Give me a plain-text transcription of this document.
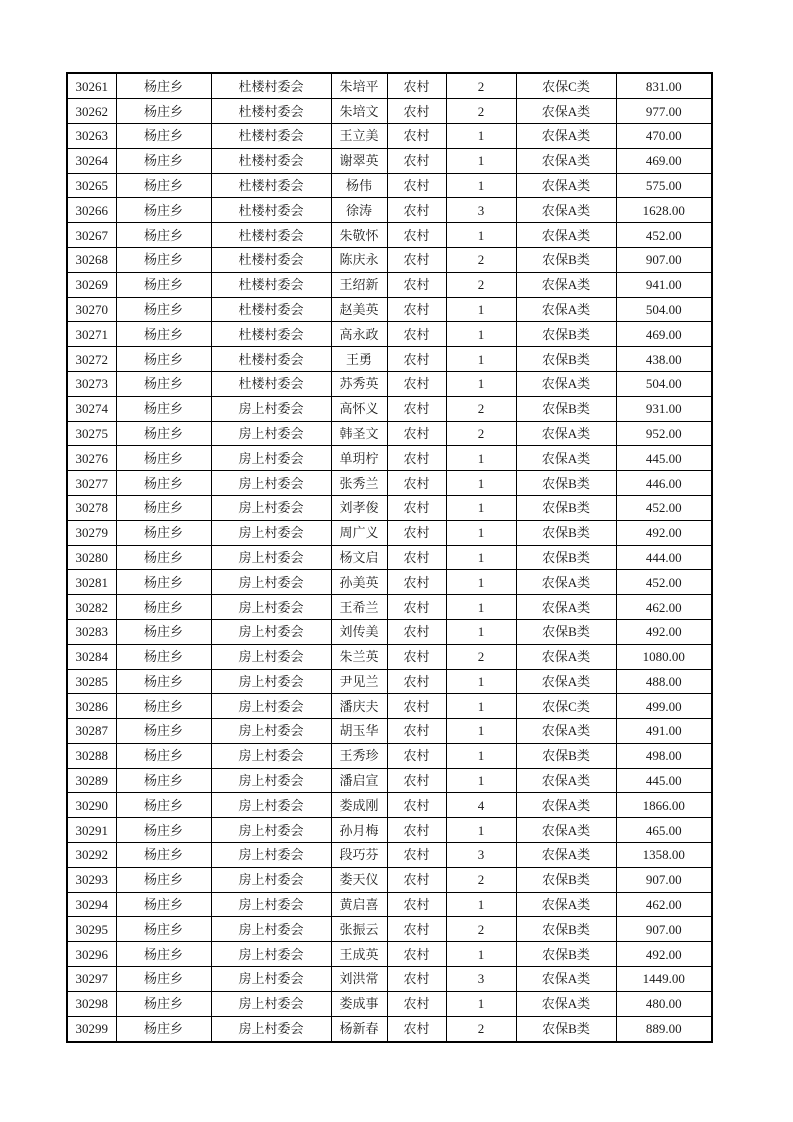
30261	杨庄乡	杜楼村委会	朱培平	农村	2	农保C类	831.00
30262	杨庄乡	杜楼村委会	朱培文	农村	2	农保A类	977.00
30263	杨庄乡	杜楼村委会	王立美	农村	1	农保A类	470.00
30264	杨庄乡	杜楼村委会	谢翠英	农村	1	农保A类	469.00
30265	杨庄乡	杜楼村委会	杨伟	农村	1	农保A类	575.00
30266	杨庄乡	杜楼村委会	徐涛	农村	3	农保A类	1628.00
30267	杨庄乡	杜楼村委会	朱敬怀	农村	1	农保A类	452.00
30268	杨庄乡	杜楼村委会	陈庆永	农村	2	农保B类	907.00
30269	杨庄乡	杜楼村委会	王绍新	农村	2	农保A类	941.00
30270	杨庄乡	杜楼村委会	赵美英	农村	1	农保A类	504.00
30271	杨庄乡	杜楼村委会	高永政	农村	1	农保B类	469.00
30272	杨庄乡	杜楼村委会	王勇	农村	1	农保B类	438.00
30273	杨庄乡	杜楼村委会	苏秀英	农村	1	农保A类	504.00
30274	杨庄乡	房上村委会	高怀义	农村	2	农保B类	931.00
30275	杨庄乡	房上村委会	韩圣文	农村	2	农保A类	952.00
30276	杨庄乡	房上村委会	单玥柠	农村	1	农保A类	445.00
30277	杨庄乡	房上村委会	张秀兰	农村	1	农保B类	446.00
30278	杨庄乡	房上村委会	刘孝俊	农村	1	农保B类	452.00
30279	杨庄乡	房上村委会	周广义	农村	1	农保B类	492.00
30280	杨庄乡	房上村委会	杨文启	农村	1	农保B类	444.00
30281	杨庄乡	房上村委会	孙美英	农村	1	农保A类	452.00
30282	杨庄乡	房上村委会	王希兰	农村	1	农保A类	462.00
30283	杨庄乡	房上村委会	刘传美	农村	1	农保B类	492.00
30284	杨庄乡	房上村委会	朱兰英	农村	2	农保A类	1080.00
30285	杨庄乡	房上村委会	尹见兰	农村	1	农保A类	488.00
30286	杨庄乡	房上村委会	潘庆夫	农村	1	农保C类	499.00
30287	杨庄乡	房上村委会	胡玉华	农村	1	农保A类	491.00
30288	杨庄乡	房上村委会	王秀珍	农村	1	农保B类	498.00
30289	杨庄乡	房上村委会	潘启宣	农村	1	农保A类	445.00
30290	杨庄乡	房上村委会	娄成刚	农村	4	农保A类	1866.00
30291	杨庄乡	房上村委会	孙月梅	农村	1	农保A类	465.00
30292	杨庄乡	房上村委会	段巧芬	农村	3	农保A类	1358.00
30293	杨庄乡	房上村委会	娄天仪	农村	2	农保B类	907.00
30294	杨庄乡	房上村委会	黄启喜	农村	1	农保A类	462.00
30295	杨庄乡	房上村委会	张振云	农村	2	农保B类	907.00
30296	杨庄乡	房上村委会	王成英	农村	1	农保B类	492.00
30297	杨庄乡	房上村委会	刘洪常	农村	3	农保A类	1449.00
30298	杨庄乡	房上村委会	娄成事	农村	1	农保A类	480.00
30299	杨庄乡	房上村委会	杨新春	农村	2	农保B类	889.00
